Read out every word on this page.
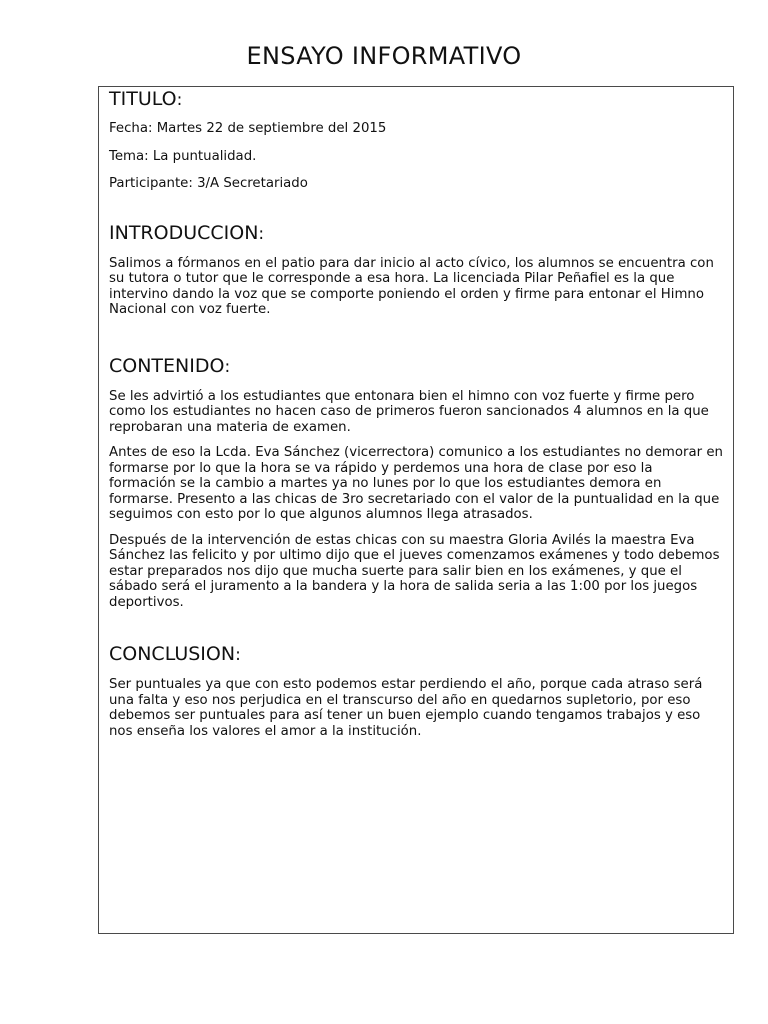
ENSAYO INFORMATIVO
TITULO:

Fecha: Martes 22 de septiembre del 2015

Tema: La puntualidad.

Participante: 3/A Secretariado

INTRODUCCION:

Salimos a fórmanos en el patio para dar inicio al acto cívico, los alumnos se encuentra con su tutora o tutor que le corresponde a esa hora. La licenciada Pilar Peñafiel es la que intervino dando la voz que se comporte poniendo el orden y firme para entonar el Himno Nacional con voz fuerte.

CONTENIDO:

Se les advirtió a los estudiantes que entonara bien el himno con voz fuerte y firme pero como los estudiantes no hacen caso de primeros fueron sancionados 4 alumnos en la que reprobaran una materia de examen.

Antes de eso la Lcda. Eva Sánchez (vicerrectora) comunico a los estudiantes no demorar en formarse por lo que la hora se va rápido y perdemos una hora de clase por eso la formación se la cambio a martes ya no lunes por lo que los estudiantes demora en formarse. Presento a las chicas de 3ro secretariado con el valor de la puntualidad en la que seguimos con esto por lo que algunos alumnos llega atrasados.

Después de la intervención de estas chicas con su maestra Gloria Avilés la maestra Eva Sánchez las felicito y por ultimo dijo que el jueves comenzamos exámenes y todo debemos estar preparados nos dijo que mucha suerte para salir bien en los exámenes, y que el sábado será el juramento a la bandera y la hora de salida seria a las 1:00 por los juegos deportivos.

CONCLUSION:

Ser puntuales ya que con esto podemos estar perdiendo el año, porque cada atraso será una falta y eso nos perjudica en el transcurso del año en quedarnos supletorio, por eso debemos ser puntuales para así tener un buen ejemplo cuando tengamos trabajos y eso nos enseña los valores el amor a la institución.
